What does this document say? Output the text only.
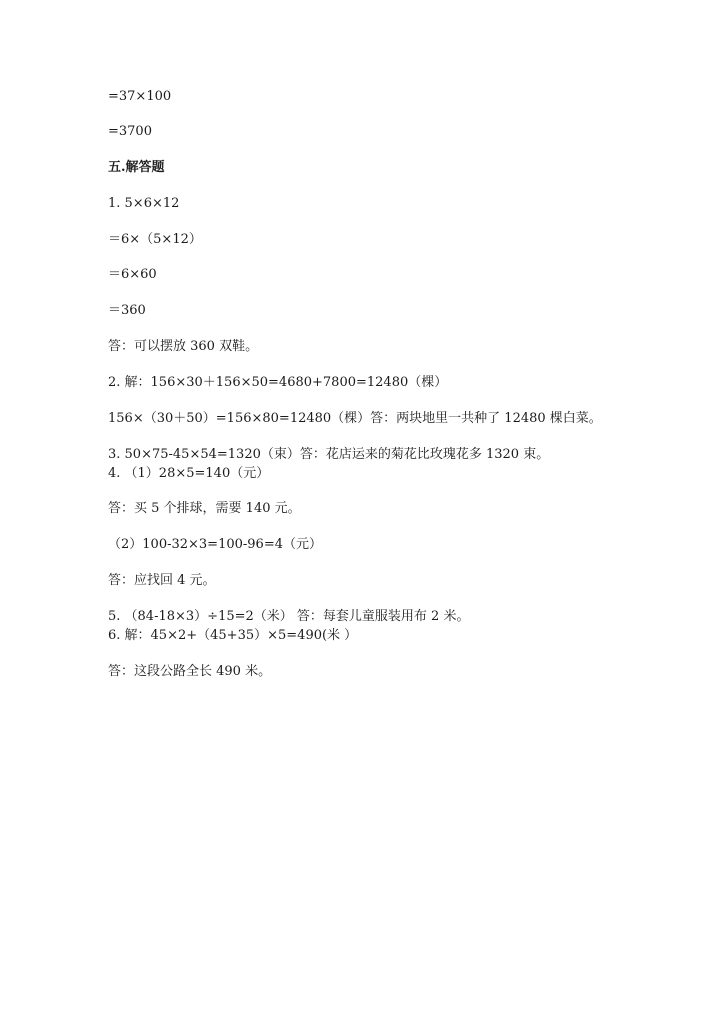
=37×100
=3700
五.解答题
1. 5×6×12
＝6×（5×12）
＝6×60
＝360
答：可以摆放 360 双鞋。
2. 解：156×30＋156×50=4680+7800=12480（棵）
156×（30＋50）=156×80=12480（棵）答：两块地里一共种了 12480 棵白菜。
3. 50×75-45×54=1320（束）答：花店运来的菊花比玫瑰花多 1320 束。
4. （1）28×5=140（元）
答：买 5 个排球，需要 140 元。
（2）100-32×3=100-96=4（元）
答：应找回 4 元。
5. （84-18×3）÷15=2（米） 答：每套儿童服装用布 2 米。
6. 解：45×2+（45+35）×5=490(米 ）
答：这段公路全长 490 米。
